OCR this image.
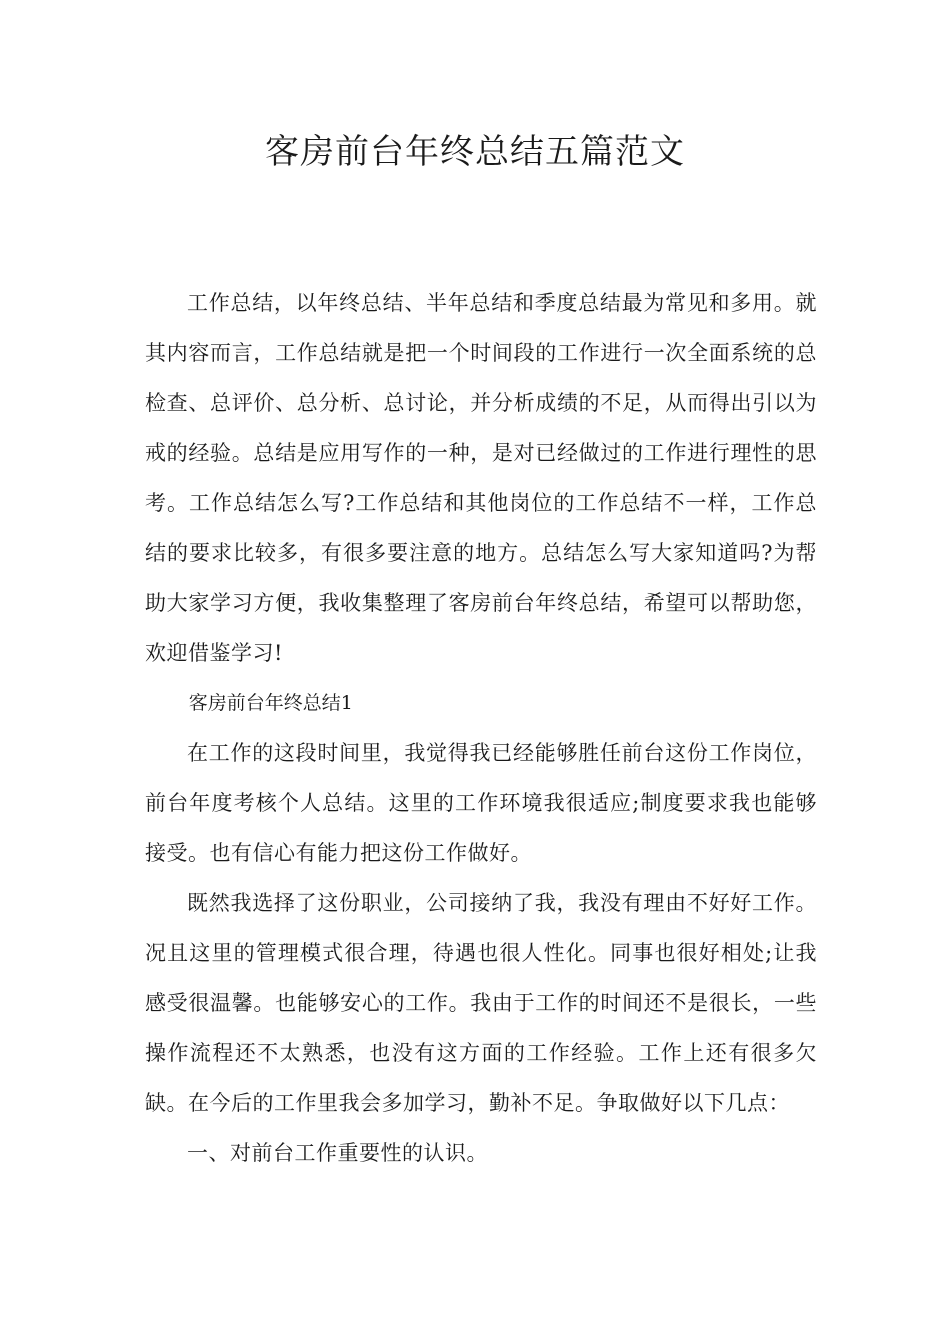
客房前台年终总结五篇范文

工作总结，以年终总结、半年总结和季度总结最为常见和多用。就其内容而言，工作总结就是把一个时间段的工作进行一次全面系统的总检查、总评价、总分析、总讨论，并分析成绩的不足，从而得出引以为戒的经验。总结是应用写作的一种，是对已经做过的工作进行理性的思考。工作总结怎么写?工作总结和其他岗位的工作总结不一样，工作总结的要求比较多，有很多要注意的地方。总结怎么写大家知道吗?为帮助大家学习方便，我收集整理了客房前台年终总结，希望可以帮助您，欢迎借鉴学习!

客房前台年终总结1

在工作的这段时间里，我觉得我已经能够胜任前台这份工作岗位，前台年度考核个人总结。这里的工作环境我很适应;制度要求我也能够接受。也有信心有能力把这份工作做好。

既然我选择了这份职业，公司接纳了我，我没有理由不好好工作。况且这里的管理模式很合理，待遇也很人性化。同事也很好相处;让我感受很温馨。也能够安心的工作。我由于工作的时间还不是很长，一些操作流程还不太熟悉，也没有这方面的工作经验。工作上还有很多欠缺。在今后的工作里我会多加学习，勤补不足。争取做好以下几点：

一、对前台工作重要性的认识。
